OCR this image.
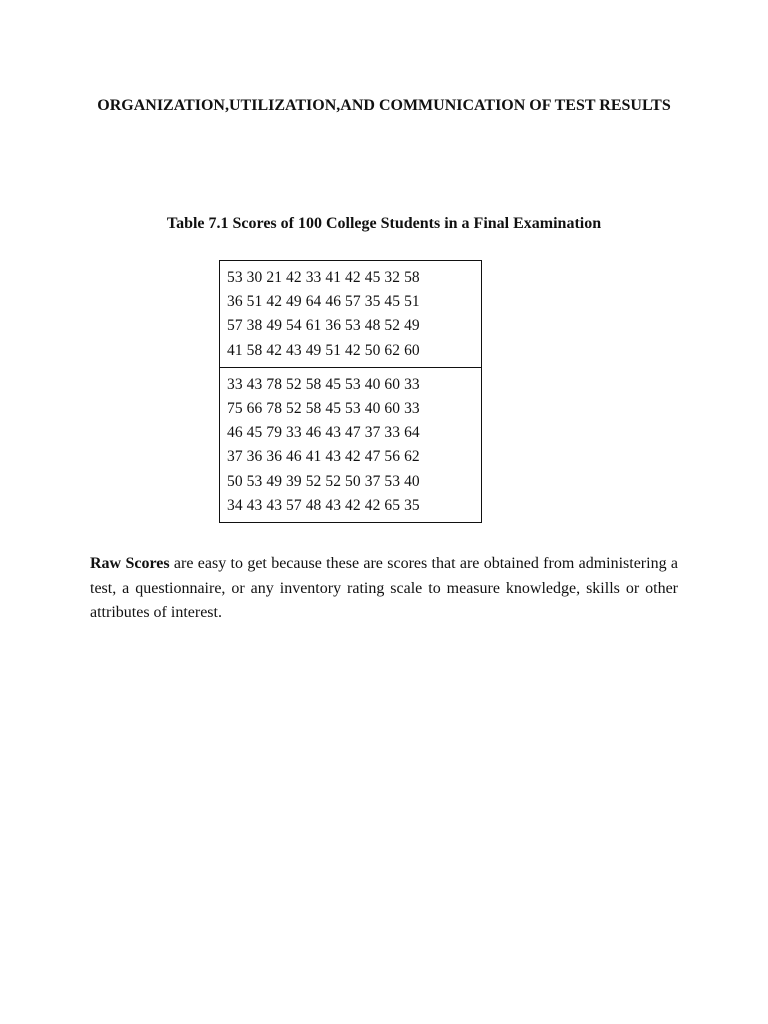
ORGANIZATION,UTILIZATION,AND COMMUNICATION OF TEST RESULTS

Table 7.1 Scores of 100 College Students in a Final Examination

53 30 21 42 33 41 42 45 32 58
36 51 42 49 64 46 57 35 45 51
57 38 49 54 61 36 53 48 52 49
41 58 42 43 49 51 42 50 62 60
33 43 78 52 58 45 53 40 60 33
75 66 78 52 58 45 53 40 60 33
46 45 79 33 46 43 47 37 33 64
37 36 36 46 41 43 42 47 56 62
50 53 49 39 52 52 50 37 53 40
34 43 43 57 48 43 42 42 65 35

Raw Scores are easy to get because these are scores that are obtained from administering a test, a questionnaire, or any inventory rating scale to measure knowledge, skills or other attributes of interest.
